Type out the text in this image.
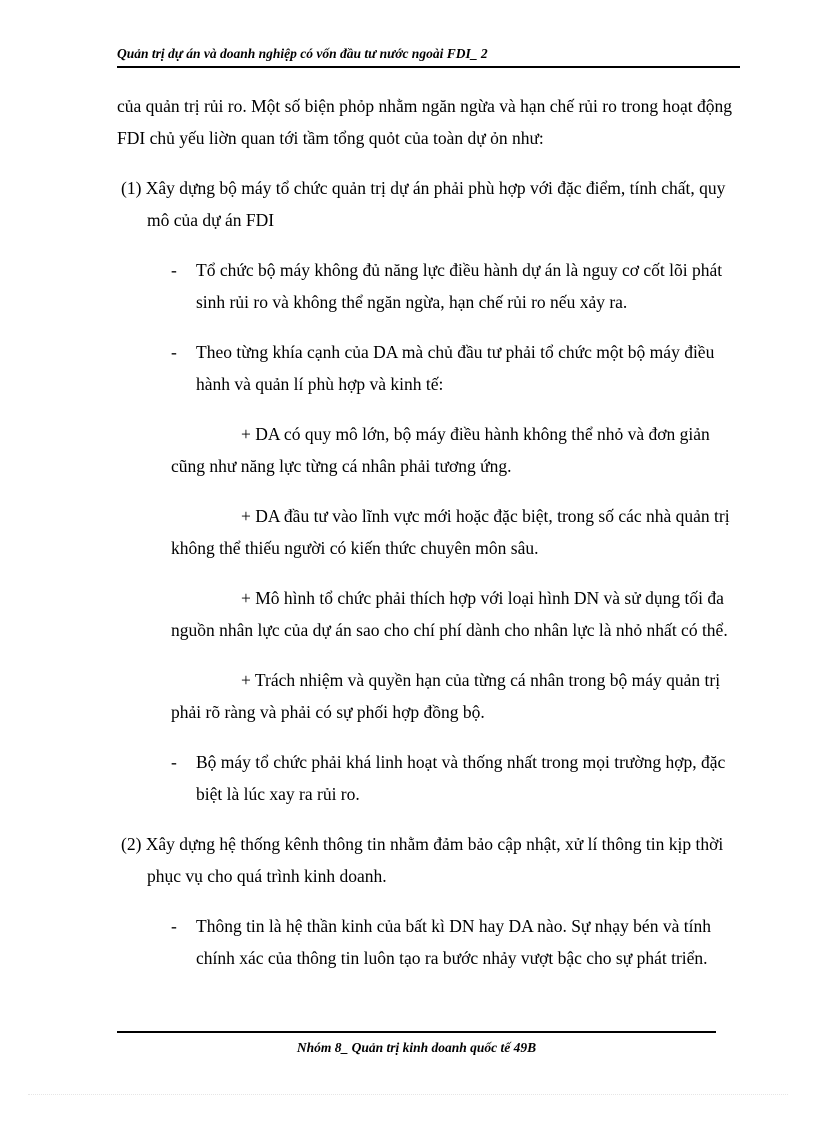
Quản trị dự án và doanh nghiệp có vốn đầu tư nước ngoài FDI_ 2

của quản trị rủi ro. Một số biện phỏp nhằm ngăn ngừa và hạn chế rủi ro trong hoạt động FDI chủ yếu liờn quan tới tầm tổng quỏt của toàn dự ỏn như:

(1) Xây dựng bộ máy tổ chức quản trị dự án phải phù hợp với đặc điểm, tính chất, quy mô của dự án FDI

- Tổ chức bộ máy không đủ năng lực điều hành dự án là nguy cơ cốt lõi phát sinh rủi ro và không thể ngăn ngừa, hạn chế rủi ro nếu xảy ra.
- Theo từng khía cạnh của DA mà chủ đầu tư phải tổ chức một bộ máy điều hành và quản lí phù hợp và kinh tế:

+ DA có quy mô lớn, bộ máy điều hành không thể nhỏ và đơn giản cũng như năng lực từng cá nhân phải tương ứng.

+ DA đầu tư vào lĩnh vực mới hoặc đặc biệt, trong số các nhà quản trị không thể thiếu người có kiến thức chuyên môn sâu.

+ Mô hình tổ chức phải thích hợp với loại hình DN và sử dụng tối đa nguồn nhân lực của dự án sao cho chí phí dành cho nhân lực là nhỏ nhất có thể.

+ Trách nhiệm và quyền hạn của từng cá nhân trong bộ máy quản trị phải rõ ràng và phải có sự phối hợp đồng bộ.

- Bộ máy tổ chức phải khá linh hoạt và thống nhất trong mọi trường hợp, đặc biệt là lúc xay ra rủi ro.

(2) Xây dựng hệ thống kênh thông tin nhằm đảm bảo cập nhật, xử lí thông tin kịp thời phục vụ cho quá trình kinh doanh.

- Thông tin là hệ thần kinh của bất kì DN hay DA nào. Sự nhạy bén và tính chính xác của thông tin luôn tạo ra bước nhảy vượt bậc cho sự phát triển.
Nhóm 8_ Quản trị kinh doanh quốc tế 49B
